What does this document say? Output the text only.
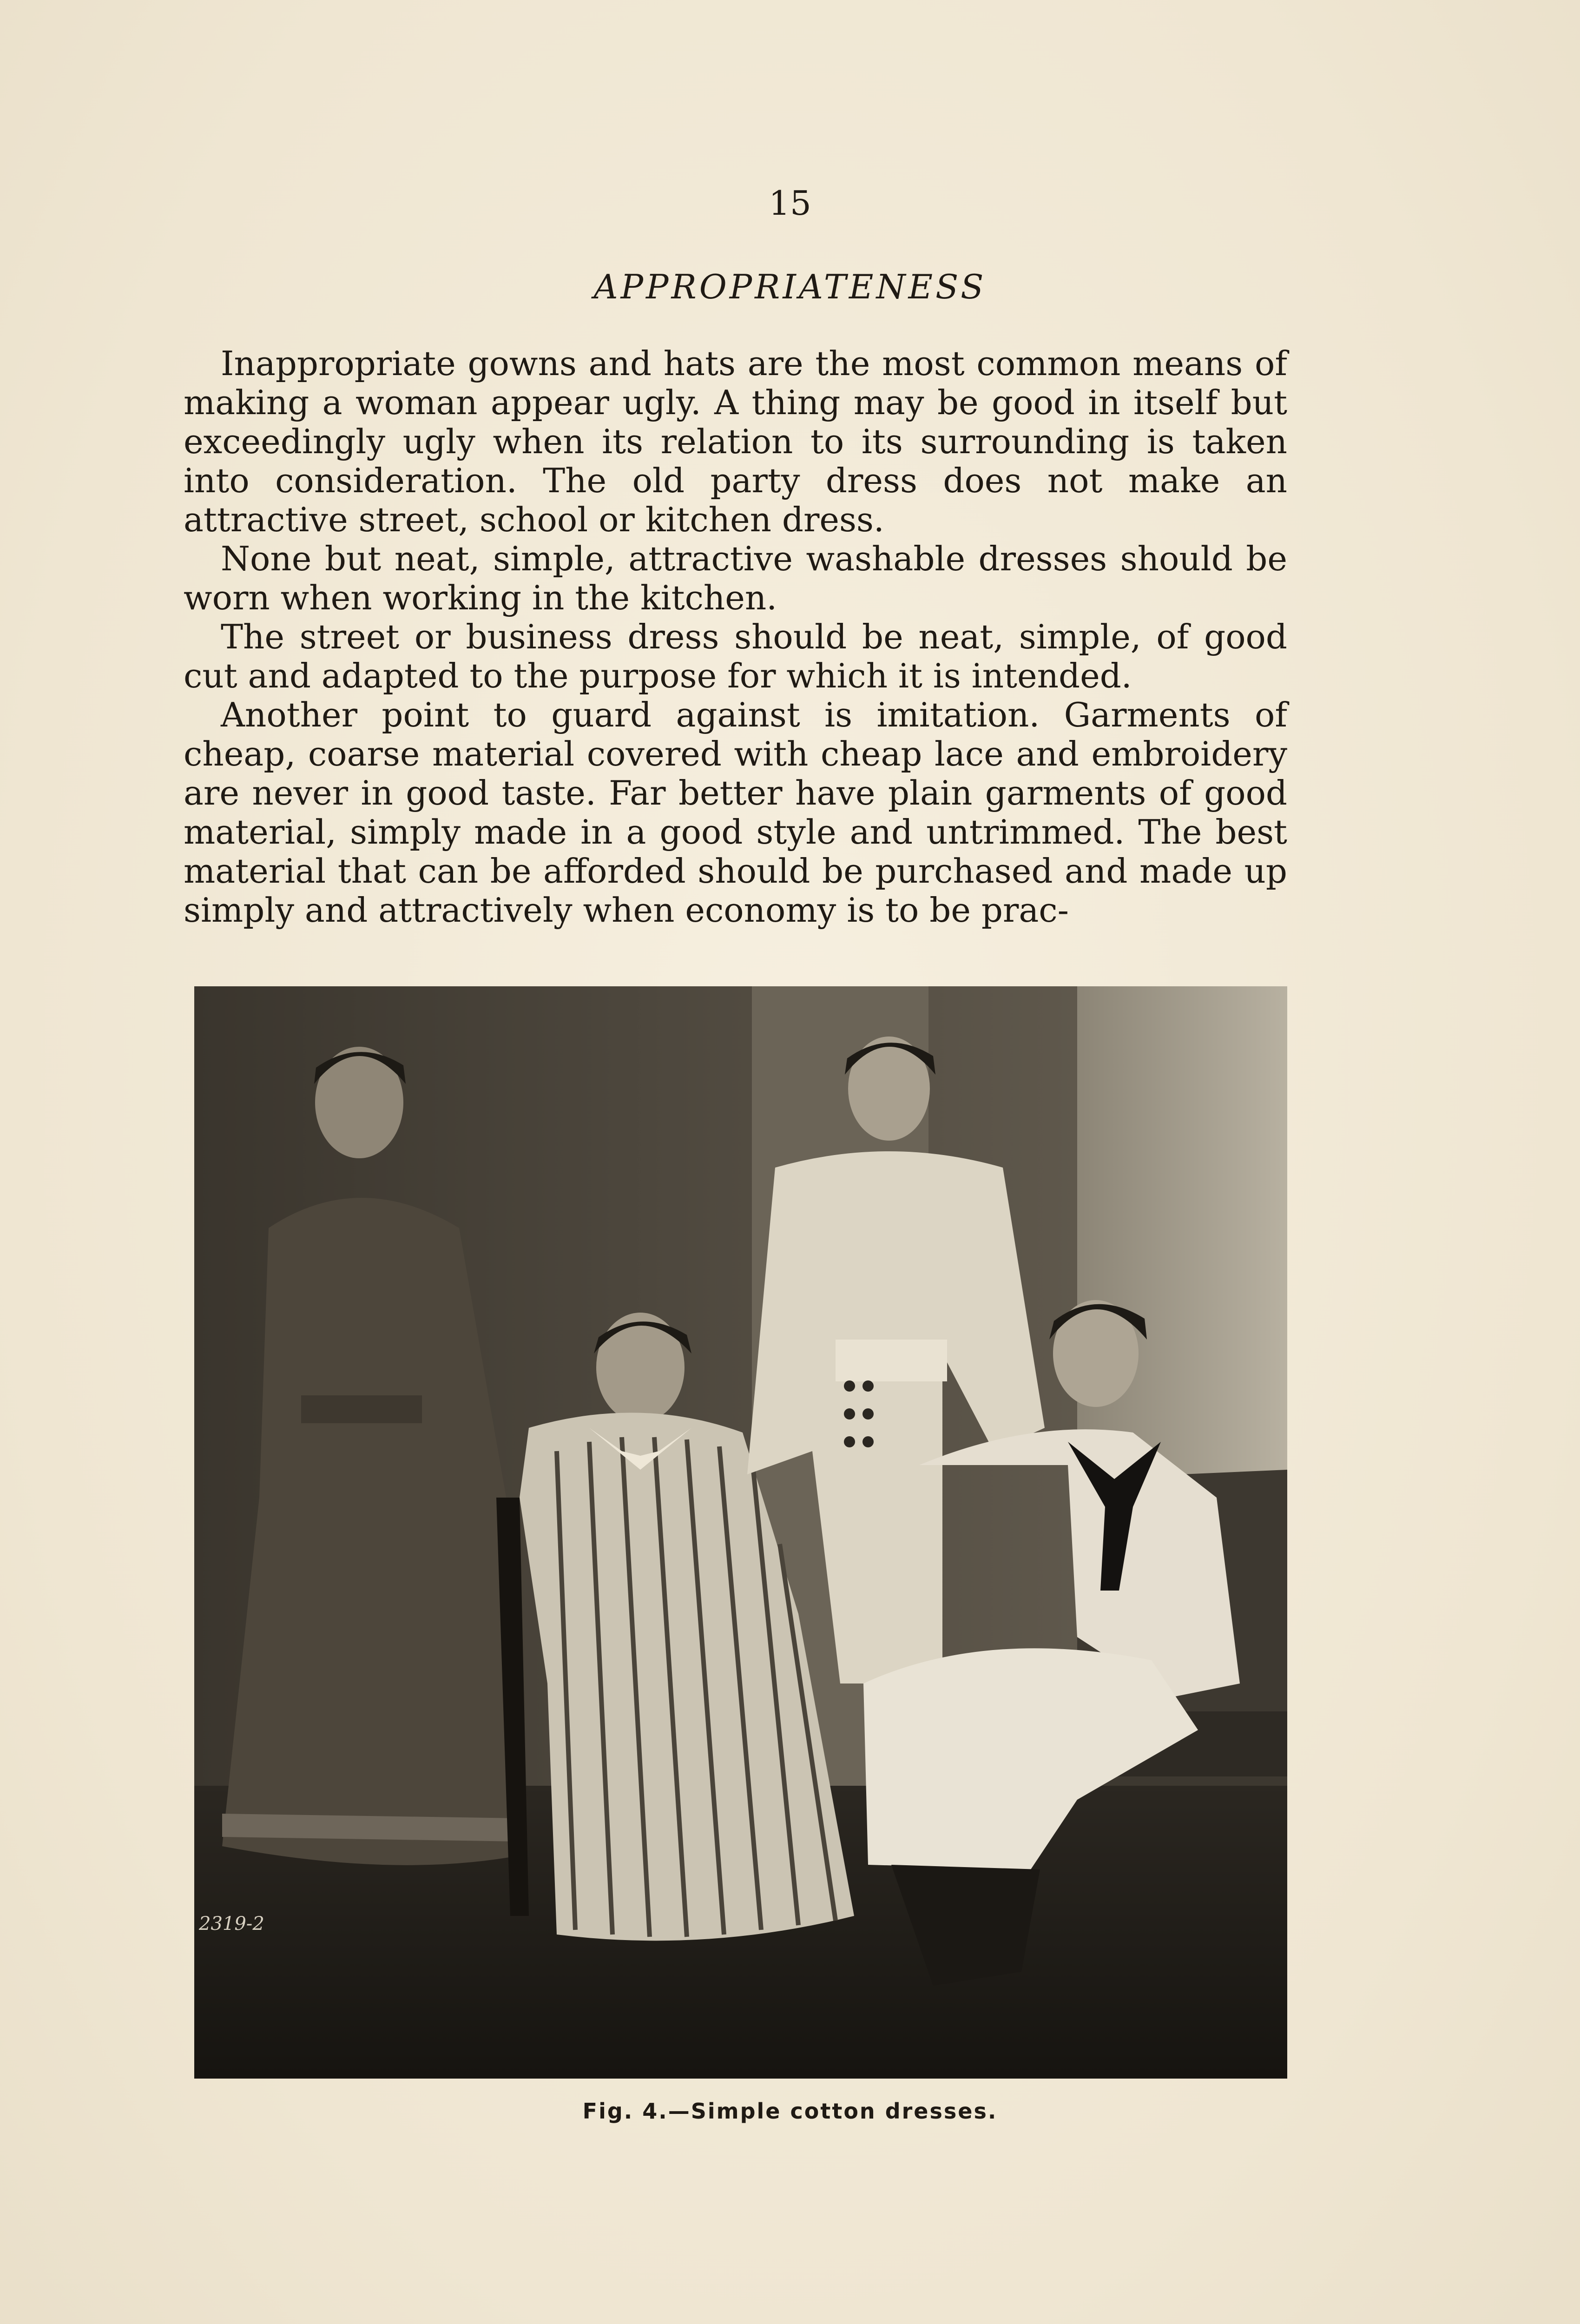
15
APPROPRIATENESS

Inappropriate gowns and hats are the most common means of making a woman appear ugly. A thing may be good in itself but exceedingly ugly when its relation to its surrounding is taken into consideration. The old party dress does not make an attractive street, school or kitchen dress.

None but neat, simple, attractive washable dresses should be worn when working in the kitchen.

The street or business dress should be neat, simple, of good cut and adapted to the purpose for which it is intended.

Another point to guard against is imitation. Garments of cheap, coarse material covered with cheap lace and embroidery are never in good taste. Far better have plain garments of good material, simply made in a good style and untrimmed. The best material that can be afforded should be purchased and made up simply and attractively when economy is to be prac-

2319-2
Fig. 4.—Simple cotton dresses.
